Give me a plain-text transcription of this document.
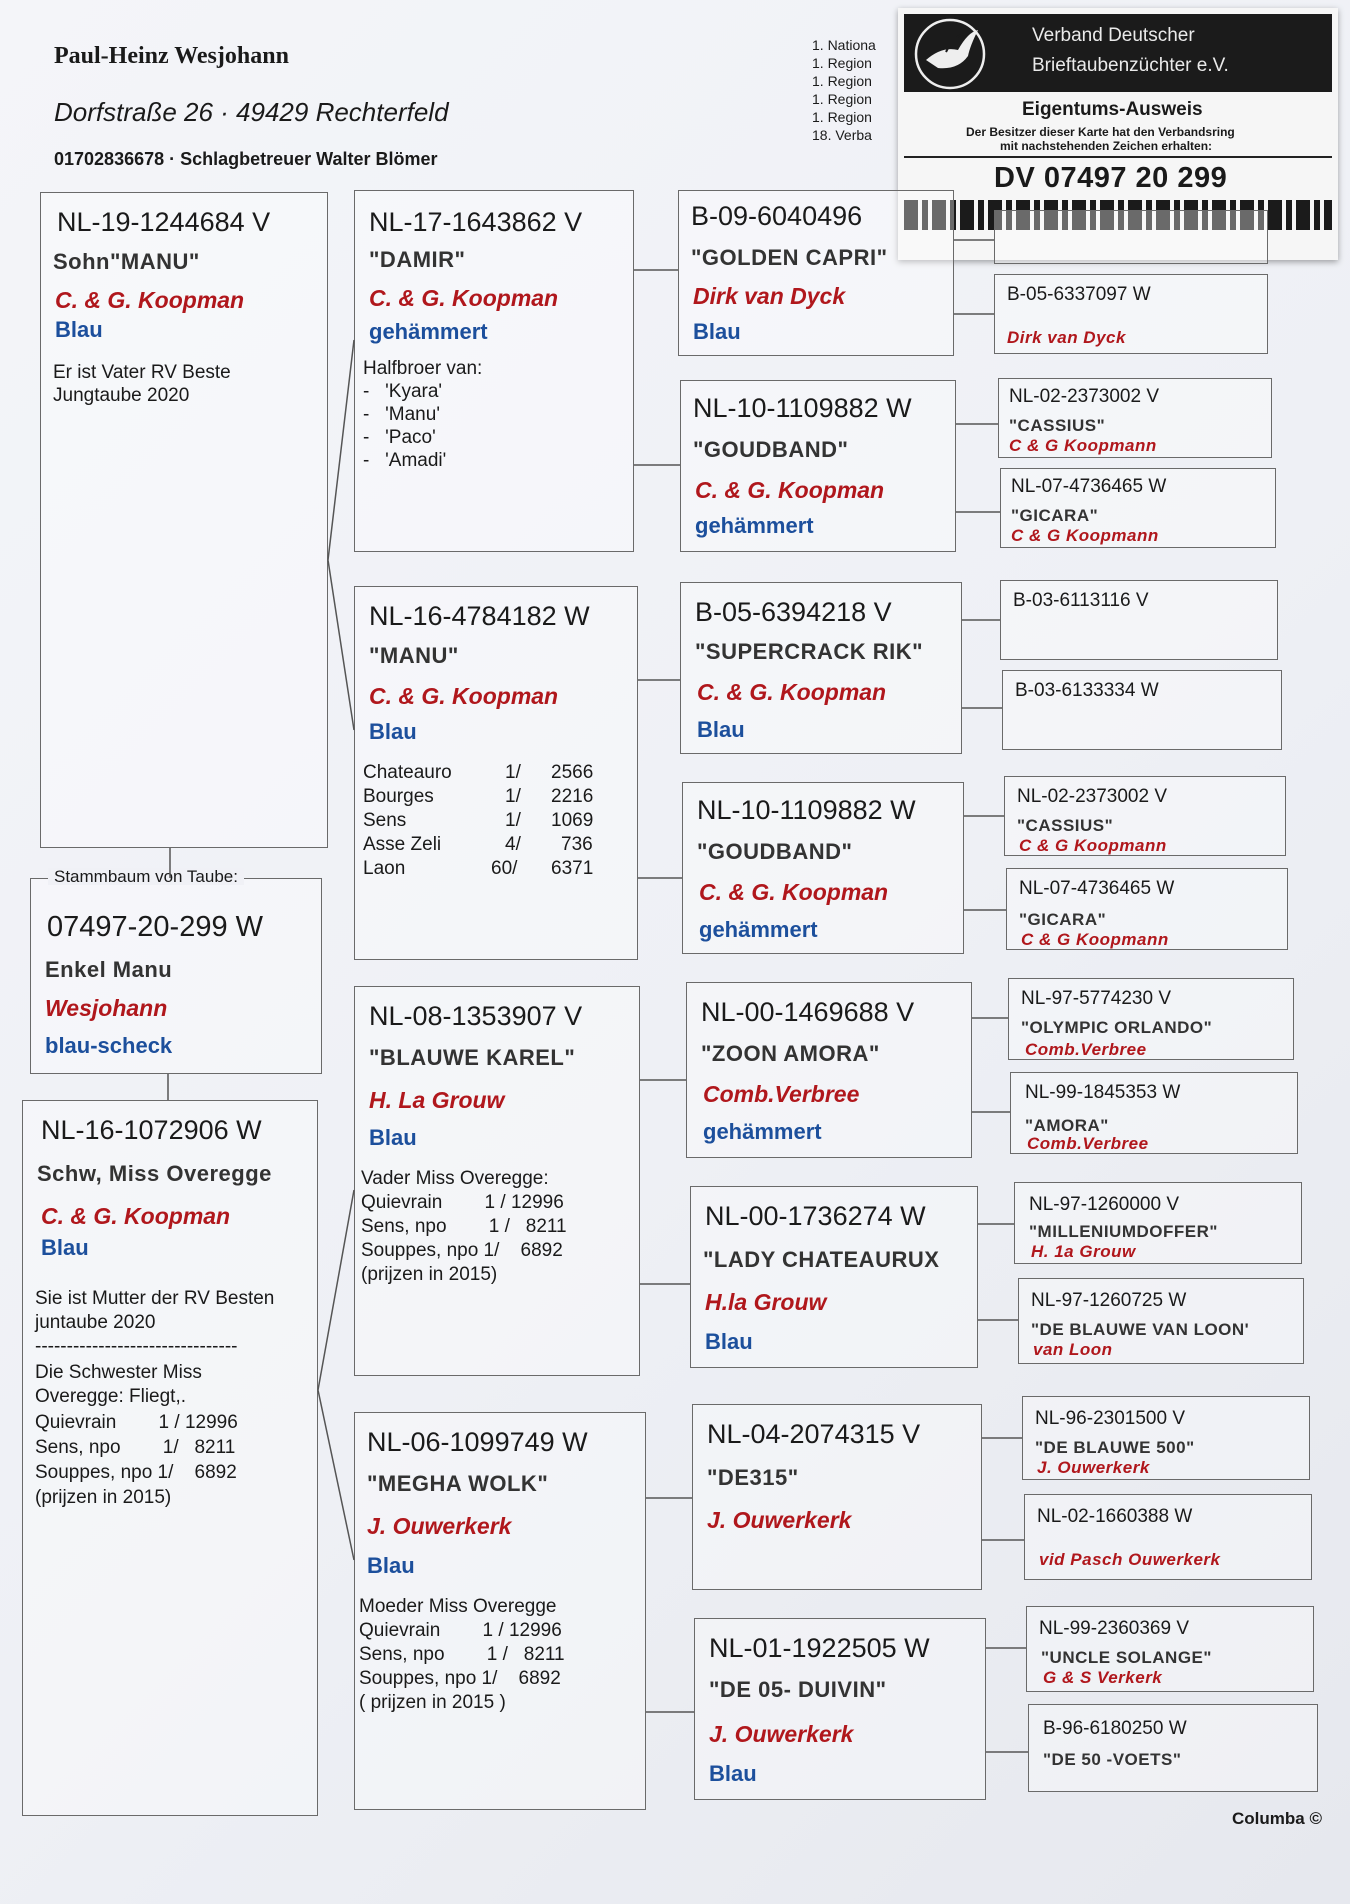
Paul-Heinz Wesjohann
Dorfstraße 26 · 49429 Rechterfeld
01702836678 · Schlagbetreuer Walter Blömer
1. Nationa
1. Region
1. Region
1. Region
1. Region
18. Verba
Verband Deutscher
Brieftaubenzüchter e.V.
Eigentums-Ausweis
Der Besitzer dieser Karte hat den Verbandsring
mit nachstehenden Zeichen erhalten:
DV 07497 20 299
NL-19-1244684 V
Sohn"MANU"
C. & G. Koopman
Blau
Er ist Vater RV Beste
Jungtaube 2020
07497-20-299 W
Enkel Manu
Wesjohann
blau-scheck
Stammbaum von Taube:
NL-16-1072906 W
Schw, Miss Overegge
C. & G. Koopman
Blau
Sie ist Mutter der RV Besten
juntaube 2020
--------------------------------
Die Schwester Miss
Overegge: Fliegt,.
Quievrain        1 / 12996
Sens, npo        1/   8211
Souppes, npo 1/    6892
(prijzen in 2015)
NL-17-1643862 V
"DAMIR"
C. & G. Koopman
gehämmert
Halfbroer van:
-   'Kyara'
-   'Manu'
-   'Paco'
-   'Amadi'
NL-16-4784182 W
"MANU"
C. & G. Koopman
Blau
Chateauro	1/ 2566
Bourges	1/ 2216
Sens	1/ 1069
Asse Zeli	4/ 736
Laon	60/ 6371
NL-08-1353907 V
"BLAUWE KAREL"
H. La Grouw
Blau
Vader Miss Overegge:
Quievrain        1 / 12996
Sens, npo        1 /   8211
Souppes, npo 1/    6892
(prijzen in 2015)
NL-06-1099749 W
"MEGHA WOLK"
J. Ouwerkerk
Blau
Moeder Miss Overegge
Quievrain        1 / 12996
Sens, npo        1 /   8211
Souppes, npo 1/    6892
( prijzen in 2015 )
B-09-6040496
"GOLDEN CAPRI"
Dirk van Dyck
Blau
NL-10-1109882 W
"GOUDBAND"
C. & G. Koopman
gehämmert
B-05-6394218 V
"SUPERCRACK RIK"
C. & G. Koopman
Blau
NL-10-1109882 W
"GOUDBAND"
C. & G. Koopman
gehämmert
NL-00-1469688 V
"ZOON AMORA"
Comb.Verbree
gehämmert
NL-00-1736274 W
"LADY CHATEAURUX
H.la Grouw
Blau
NL-04-2074315 V
"DE315"
J. Ouwerkerk
NL-01-1922505 W
"DE 05- DUIVIN"
J. Ouwerkerk
Blau
B-05-6337097 W
Dirk van Dyck
NL-02-2373002 V
"CASSIUS"
C & G Koopmann
NL-07-4736465 W
"GICARA"
C & G Koopmann
B-03-6113116 V
B-03-6133334 W
NL-02-2373002 V
"CASSIUS"
C & G Koopmann
NL-07-4736465 W
"GICARA"
C & G Koopmann
NL-97-5774230 V
"OLYMPIC ORLANDO"
Comb.Verbree
NL-99-1845353 W
"AMORA"
Comb.Verbree
NL-97-1260000 V
"MILLENIUMDOFFER"
H. 1a Grouw
NL-97-1260725 W
"DE BLAUWE VAN LOON'
van Loon
NL-96-2301500 V
"DE BLAUWE 500"
J. Ouwerkerk
NL-02-1660388 W
vid Pasch Ouwerkerk
NL-99-2360369 V
"UNCLE SOLANGE"
G & S Verkerk
B-96-6180250 W
"DE 50 -VOETS"
Columba ©
